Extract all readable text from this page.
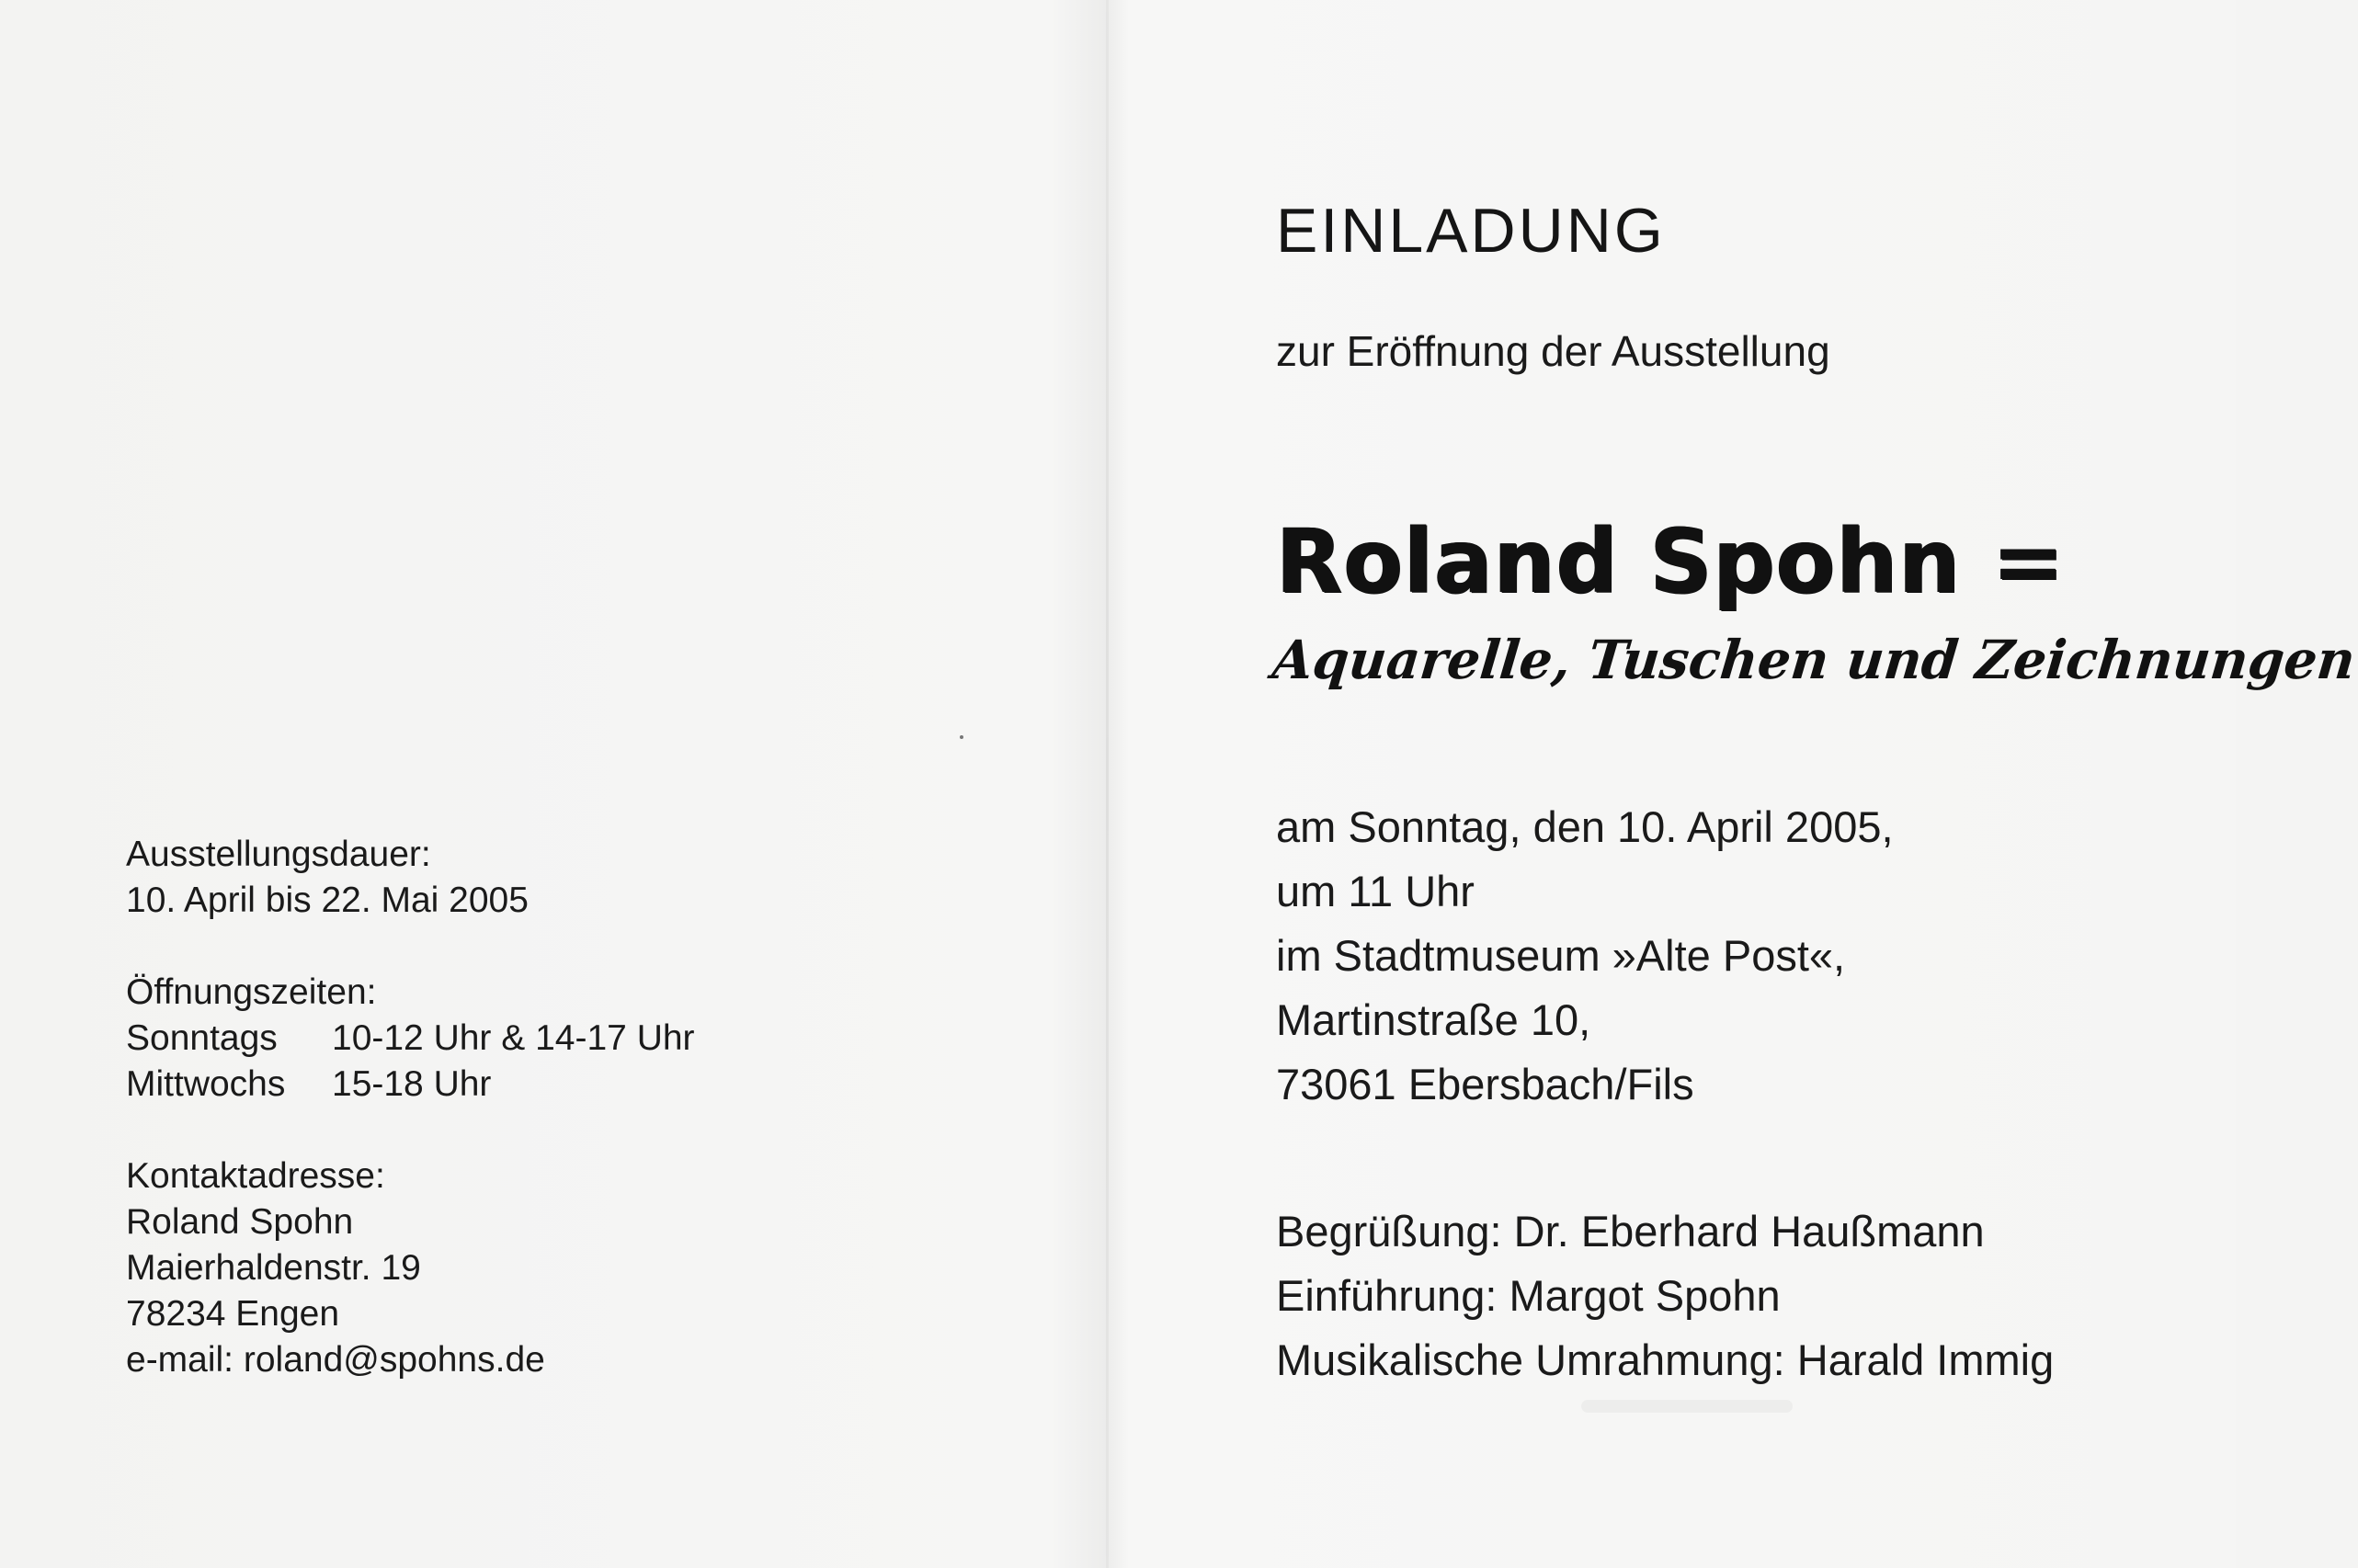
Ausstellungsdauer:
10. April bis 22. Mai 2005
Öffnungszeiten:
Sonntags	10-12 Uhr & 14-17 Uhr
Mittwochs	15-18 Uhr
Kontaktadresse:
Roland Spohn
Maierhaldenstr. 19
78234 Engen
e-mail: roland@spohns.de
EINLADUNG
zur Eröffnung der Ausstellung
Roland Spohn =
Aquarelle, Tuschen und Zeichnungen
am Sonntag, den 10. April 2005,
um 11 Uhr
im Stadtmuseum »Alte Post«,
Martinstraße 10,
73061 Ebersbach/Fils
Begrüßung: Dr. Eberhard Haußmann
Einführung: Margot Spohn
Musikalische Umrahmung: Harald Immig
